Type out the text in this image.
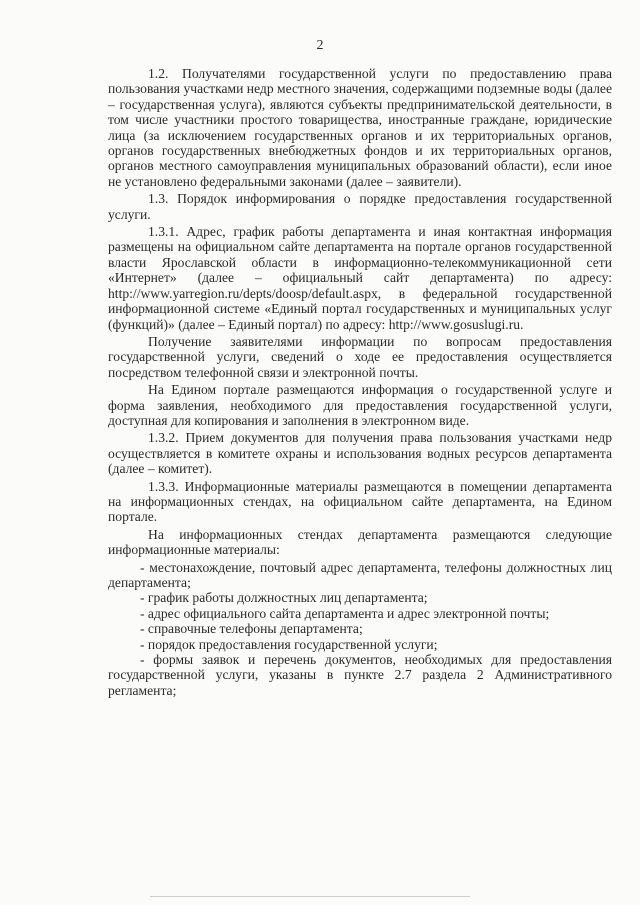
2

1.2. Получателями государственной услуги по предоставлению права пользования участками недр местного значения, содержащими подземные воды (далее – государственная услуга), являются субъекты предпринимательской деятельности, в том числе участники простого товарищества, иностранные граждане, юридические лица (за исключением государственных органов и их территориальных органов, органов государственных внебюджетных фондов и их территориальных органов, органов местного самоуправления муниципальных образований области), если иное не установлено федеральными законами (далее – заявители).

1.3. Порядок информирования о порядке предоставления государственной услуги.

1.3.1. Адрес, график работы департамента и иная контактная информация размещены на официальном сайте департамента на портале органов государственной власти Ярославской области в информационно-телекоммуникационной сети «Интернет» (далее – официальный сайт департамента) по адресу: http://www.yarregion.ru/depts/doosp/default.aspx, в федеральной государственной информационной системе «Единый портал государственных и муниципальных услуг (функций)» (далее – Единый портал) по адресу: http://www.gosuslugi.ru.

Получение заявителями информации по вопросам предоставления государственной услуги, сведений о ходе ее предоставления осуществляется посредством телефонной связи и электронной почты.

На Едином портале размещаются информация о государственной услуге и форма заявления, необходимого для предоставления государственной услуги, доступная для копирования и заполнения в электронном виде.

1.3.2. Прием документов для получения права пользования участками недр осуществляется в комитете охраны и использования водных ресурсов департамента (далее – комитет).

1.3.3. Информационные материалы размещаются в помещении департамента на информационных стендах, на официальном сайте департамента, на Едином портале.

На информационных стендах департамента размещаются следующие информационные материалы:

- местонахождение, почтовый адрес департамента, телефоны должностных лиц департамента;

- график работы должностных лиц департамента;

- адрес официального сайта департамента и адрес электронной почты;

- справочные телефоны департамента;

- порядок предоставления государственной услуги;

- формы заявок и перечень документов, необходимых для предоставления государственной услуги, указаны в пункте 2.7 раздела 2 Административного регламента;
